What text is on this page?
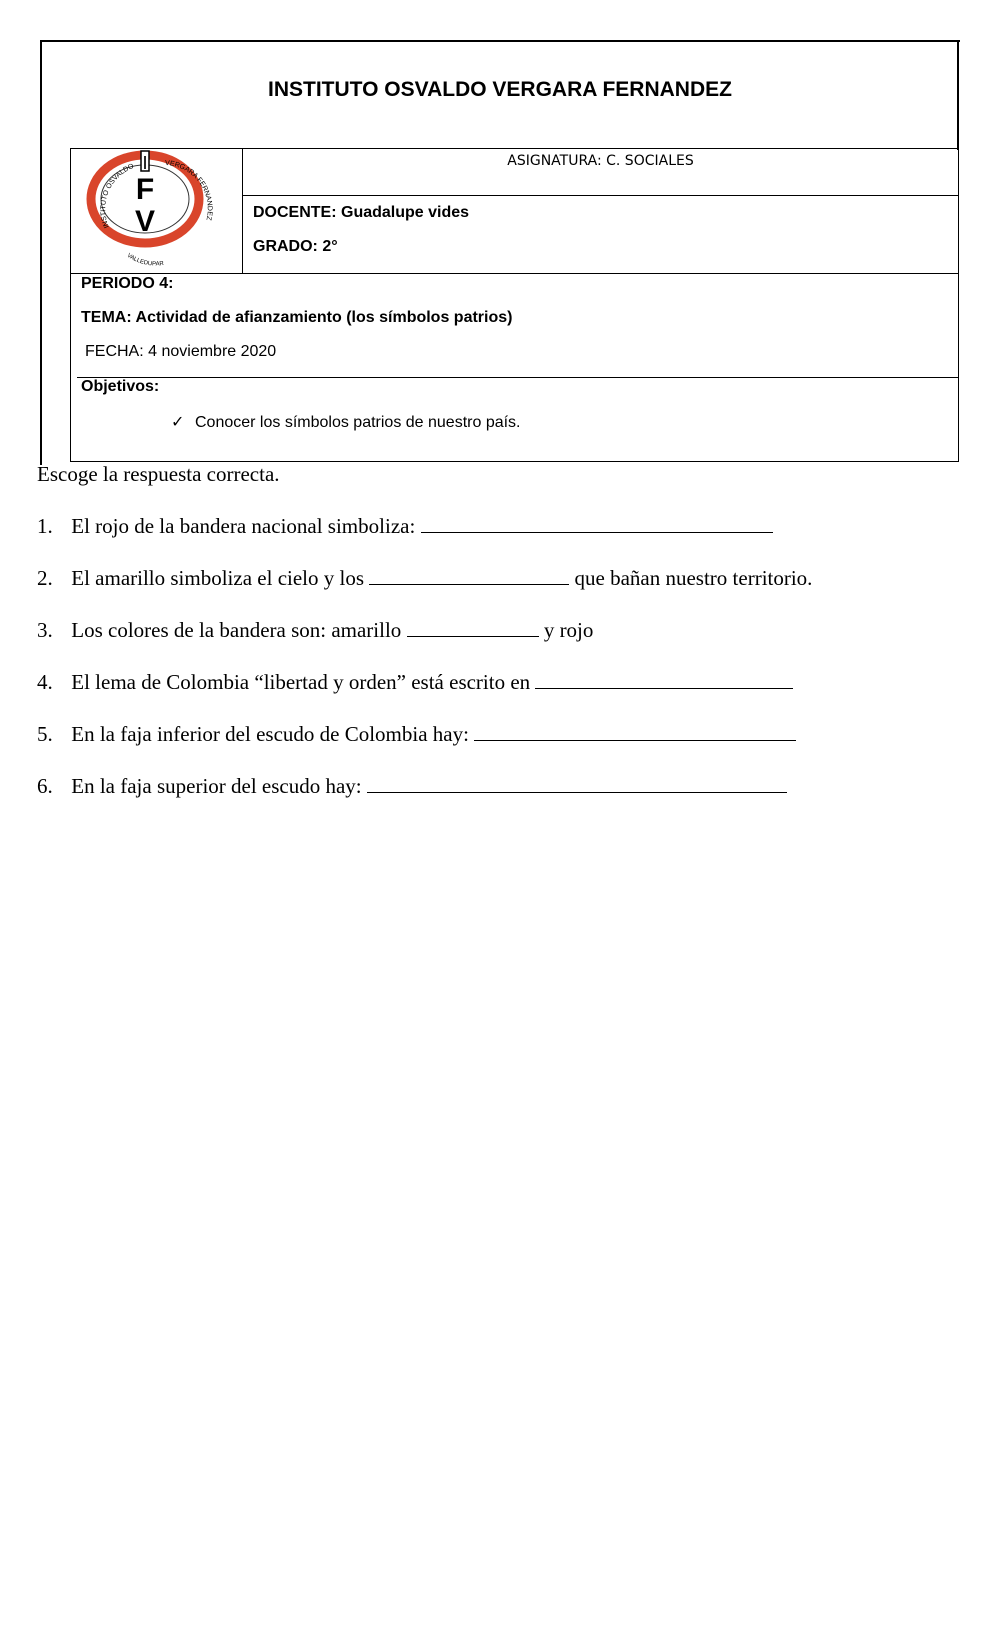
INSTITUTO OSVALDO VERGARA FERNANDEZ
I
F
V
INSTITUTO OSVALDO	VERGARA FERNANDEZ
VALLEDUPAR
ASIGNATURA: C. SOCIALES
DOCENTE: Guadalupe vides
GRADO: 2°
PERIODO 4:
TEMA: Actividad de afianzamiento (los símbolos patrios)
FECHA: 4 noviembre 2020
Objetivos:
✓ Conocer los símbolos patrios de nuestro país.
Escoge la respuesta correcta.
1. El rojo de la bandera nacional simboliza:
2. El amarillo simboliza el cielo y los	que bañan nuestro territorio.
3. Los colores de la bandera son: amarillo	y rojo
4. El lema de Colombia “libertad y orden” está escrito en
5. En la faja inferior del escudo de Colombia hay:
6. En la faja superior del escudo hay:
